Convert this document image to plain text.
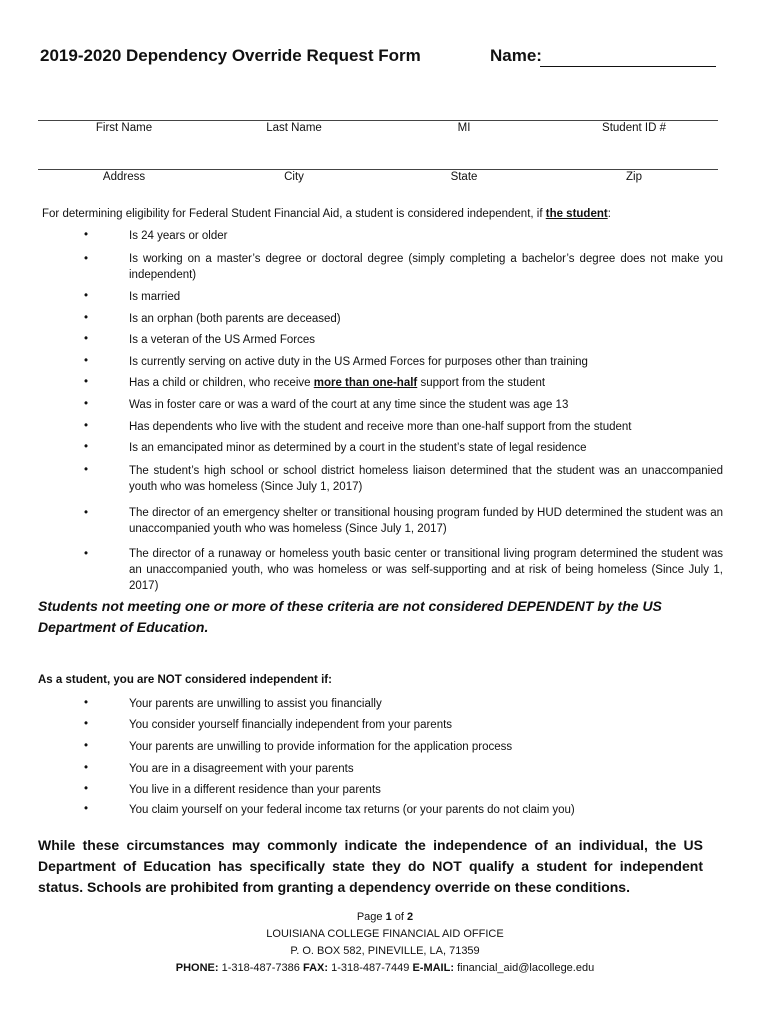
2019-2020 Dependency Override Request Form	Name:
First Name	Last Name	MI	Student ID #
Address	City	State	Zip
For determining eligibility for Federal Student Financial Aid, a student is considered independent, if the student:
•	Is 24 years or older
•	Is working on a master’s degree or doctoral degree (simply completing a bachelor’s degree does not make you independent)
•	Is married
•	Is an orphan (both parents are deceased)
•	Is a veteran of the US Armed Forces
•	Is currently serving on active duty in the US Armed Forces for purposes other than training
•	Has a child or children, who receive more than one-half support from the student
•	Was in foster care or was a ward of the court at any time since the student was age 13
•	Has dependents who live with the student and receive more than one-half support from the student
•	Is an emancipated minor as determined by a court in the student’s state of legal residence
•	The student’s high school or school district homeless liaison determined that the student was an unaccompanied youth who was homeless (Since July 1, 2017)
•	The director of an emergency shelter or transitional housing program funded by HUD determined the student was an unaccompanied youth who was homeless (Since July 1, 2017)
•	The director of a runaway or homeless youth basic center or transitional living program determined the student was an unaccompanied youth, who was homeless or was self-supporting and at risk of being homeless (Since July 1, 2017)
Students not meeting one or more of these criteria are not considered DEPENDENT by the US Department of Education.
As a student, you are NOT considered independent if:
•	Your parents are unwilling to assist you financially
•	You consider yourself financially independent from your parents
•	Your parents are unwilling to provide information for the application process
•	You are in a disagreement with your parents
•	You live in a different residence than your parents
•	You claim yourself on your federal income tax returns (or your parents do not claim you)
While these circumstances may commonly indicate the independence of an individual, the US Department of Education has specifically state they do NOT qualify a student for independent status. Schools are prohibited from granting a dependency override on these conditions.
Page 1 of 2
LOUISIANA COLLEGE FINANCIAL AID OFFICE
P. O. BOX 582, PINEVILLE, LA, 71359
PHONE: 1-318-487-7386 FAX: 1-318-487-7449 E-MAIL: financial_aid@lacollege.edu
